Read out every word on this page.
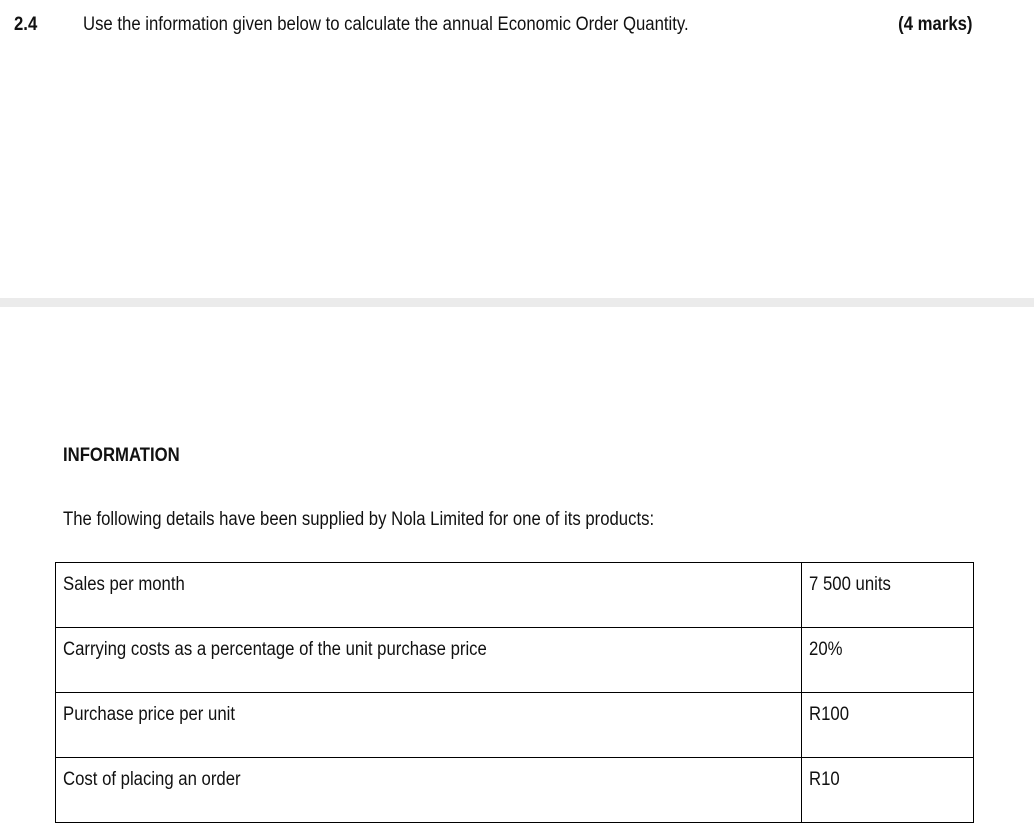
2.4 Use the information given below to calculate the annual Economic Order Quantity.	(4 marks)
INFORMATION
The following details have been supplied by Nola Limited for one of its products:
Sales per month	7 500 units
Carrying costs as a percentage of the unit purchase price	20%
Purchase price per unit	R100
Cost of placing an order	R10
